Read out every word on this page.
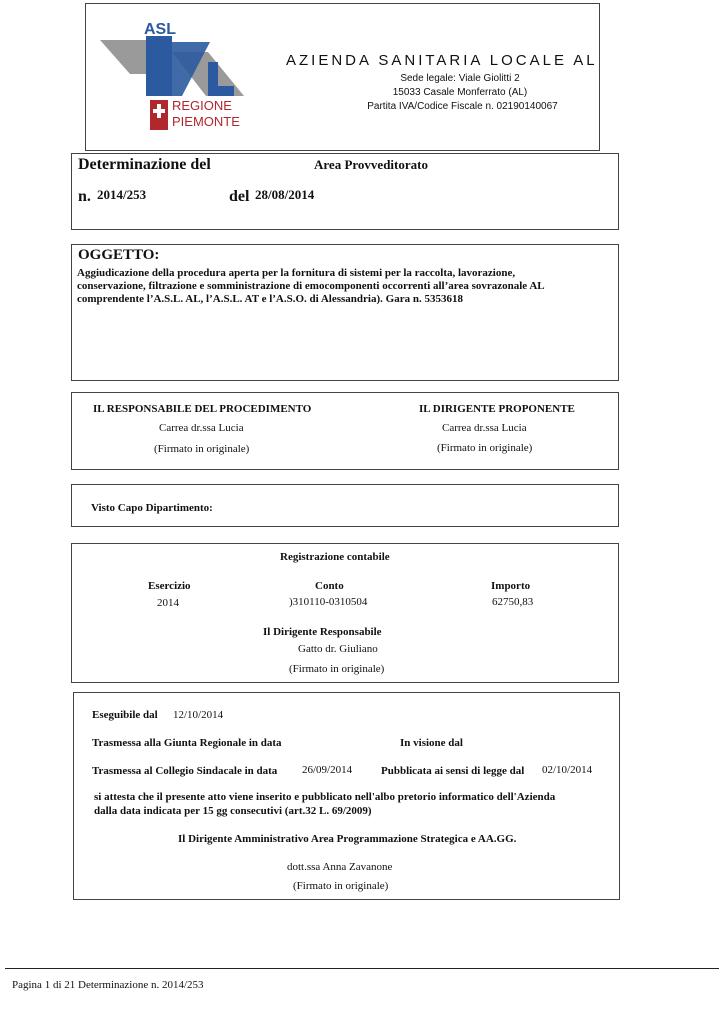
ASL
REGIONE
PIEMONTE
AZIENDA SANITARIA LOCALE AL
Sede legale: Viale Giolitti 2
15033 Casale Monferrato (AL)
Partita IVA/Codice Fiscale n. 02190140067
Determinazione del	Area Provveditorato
n. 2014/253	del 28/08/2014
OGGETTO:
Aggiudicazione della procedura aperta per la fornitura di sistemi per la raccolta, lavorazione,
conservazione, filtrazione e somministrazione di emocomponenti occorrenti all’area sovrazonale AL
comprendente l’A.S.L. AL, l’A.S.L. AT e l’A.S.O. di Alessandria). Gara n. 5353618
IL RESPONSABILE DEL PROCEDIMENTO
Carrea dr.ssa Lucia
(Firmato in originale)
IL DIRIGENTE PROPONENTE
Carrea dr.ssa Lucia
(Firmato in originale)
Visto Capo Dipartimento:
Registrazione contabile
Esercizio	Conto	Importo
2014	)310110-0310504	62750,83
Il Dirigente Responsabile
Gatto dr. Giuliano
(Firmato in originale)
Eseguibile dal 12/10/2014
Trasmessa alla Giunta Regionale in data	In visione dal
Trasmessa al Collegio Sindacale in data 26/09/2014	Pubblicata ai sensi di legge dal 02/10/2014
si attesta che il presente atto viene inserito e pubblicato nell'albo pretorio informatico dell'Azienda
dalla data indicata per 15 gg consecutivi (art.32 L. 69/2009)
Il Dirigente Amministrativo Area Programmazione Strategica e AA.GG.
dott.ssa Anna Zavanone
(Firmato in originale)
Pagina 1 di 21 Determinazione n. 2014/253
